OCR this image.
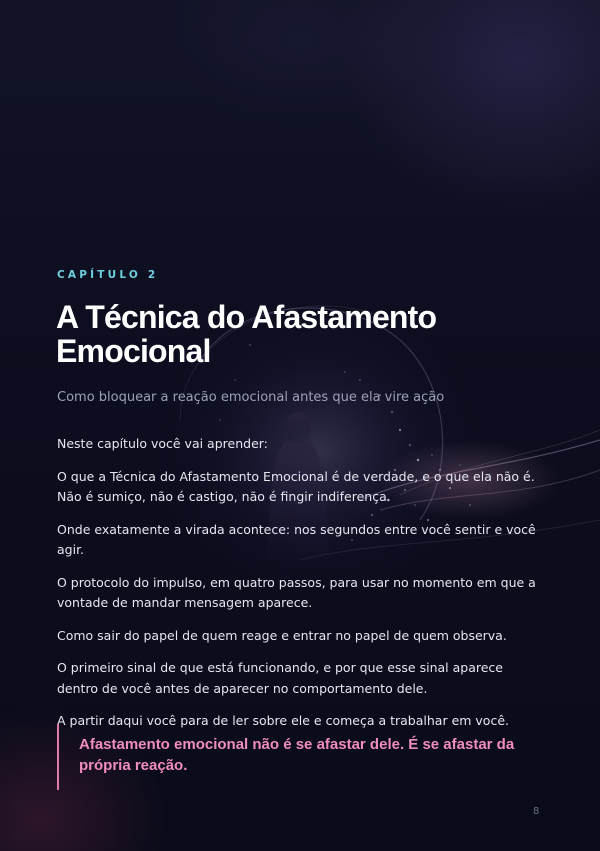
CAPÍTULO 2
A Técnica do Afastamento Emocional
Como bloquear a reação emocional antes que ela vire ação

Neste capítulo você vai aprender:

O que a Técnica do Afastamento Emocional é de verdade, e o que ela não é. Não é sumiço, não é castigo, não é fingir indiferença.

Onde exatamente a virada acontece: nos segundos entre você sentir e você agir.

O protocolo do impulso, em quatro passos, para usar no momento em que a vontade de mandar mensagem aparece.

Como sair do papel de quem reage e entrar no papel de quem observa.

O primeiro sinal de que está funcionando, e por que esse sinal aparece dentro de você antes de aparecer no comportamento dele.

A partir daqui você para de ler sobre ele e começa a trabalhar em você.

Afastamento emocional não é se afastar dele. É se afastar da própria reação.
8
